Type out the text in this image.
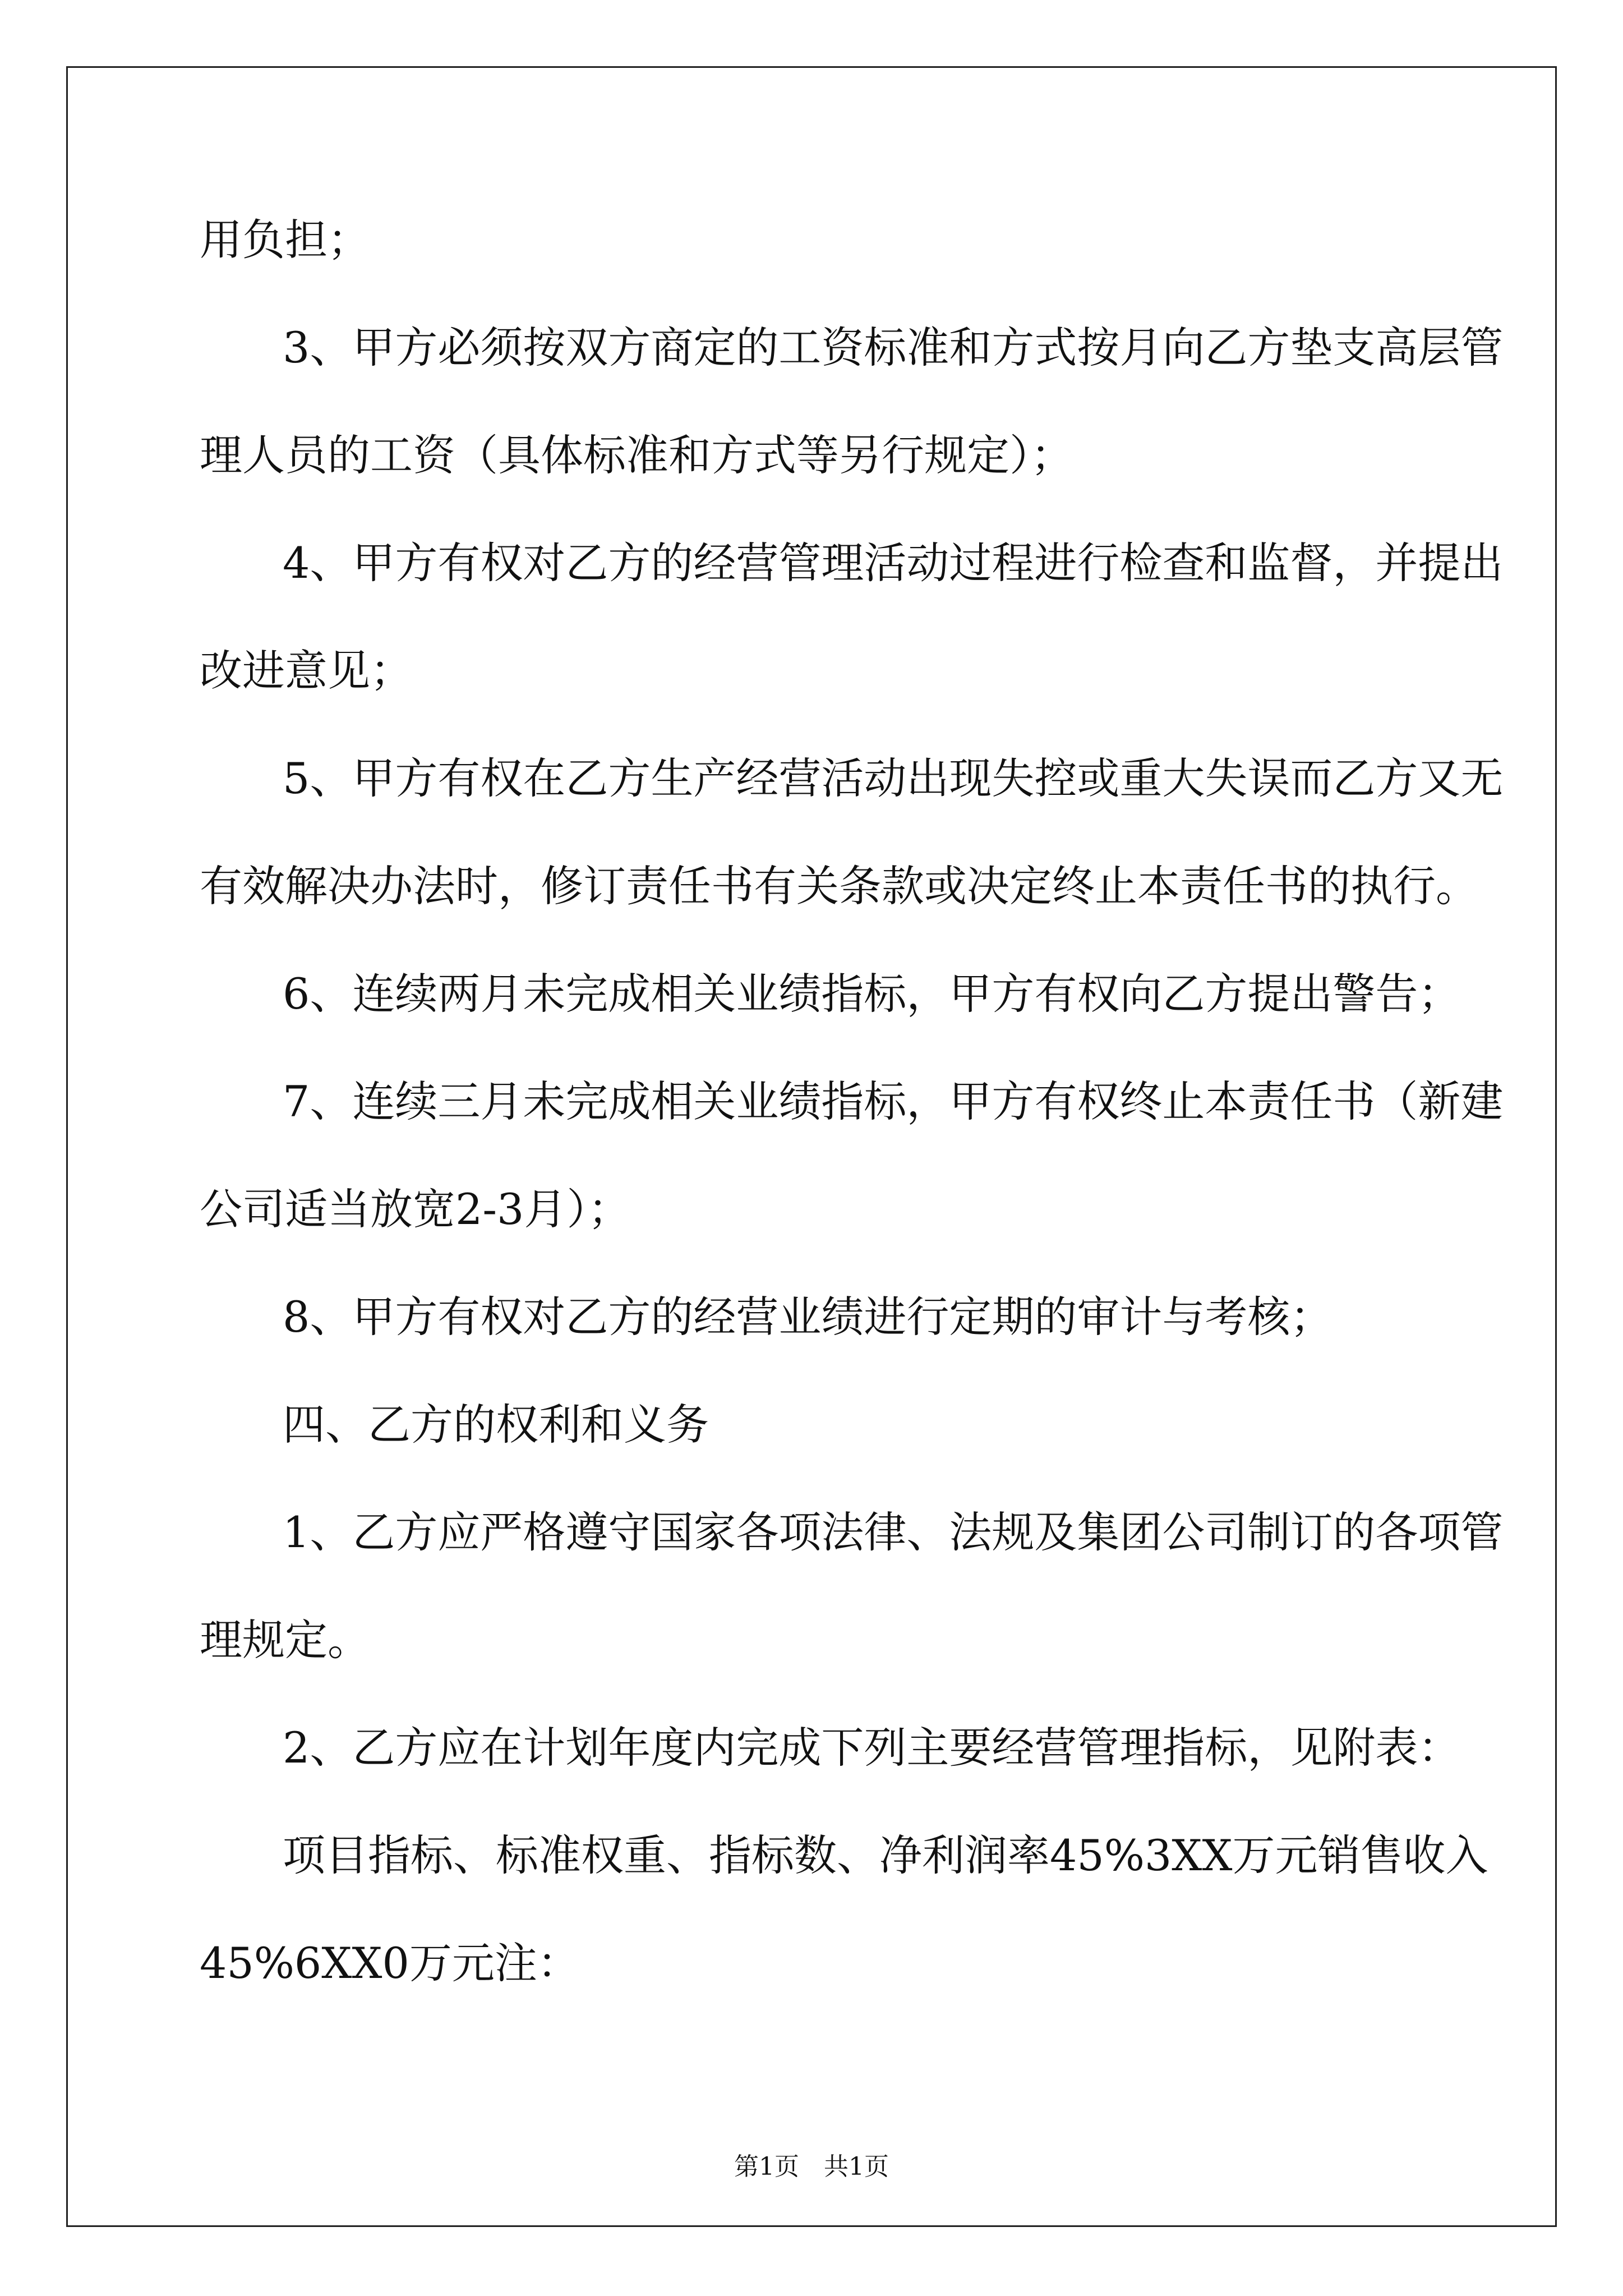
用负担；
3、甲方必须按双方商定的工资标准和方式按月向乙方垫支高层管
理人员的工资（具体标准和方式等另行规定）；
4、甲方有权对乙方的经营管理活动过程进行检查和监督，并提出
改进意见；
5、甲方有权在乙方生产经营活动出现失控或重大失误而乙方又无
有效解决办法时，修订责任书有关条款或决定终止本责任书的执行。
6、连续两月未完成相关业绩指标，甲方有权向乙方提出警告；
7、连续三月未完成相关业绩指标，甲方有权终止本责任书（新建
公司适当放宽2-3月）；
8、甲方有权对乙方的经营业绩进行定期的审计与考核；
四、乙方的权利和义务
1、乙方应严格遵守国家各项法律、法规及集团公司制订的各项管
理规定。
2、乙方应在计划年度内完成下列主要经营管理指标，见附表：
项目指标、标准权重、指标数、净利润率45%3XX万元销售收入
45%6XX0万元注：
第1页　共1页
